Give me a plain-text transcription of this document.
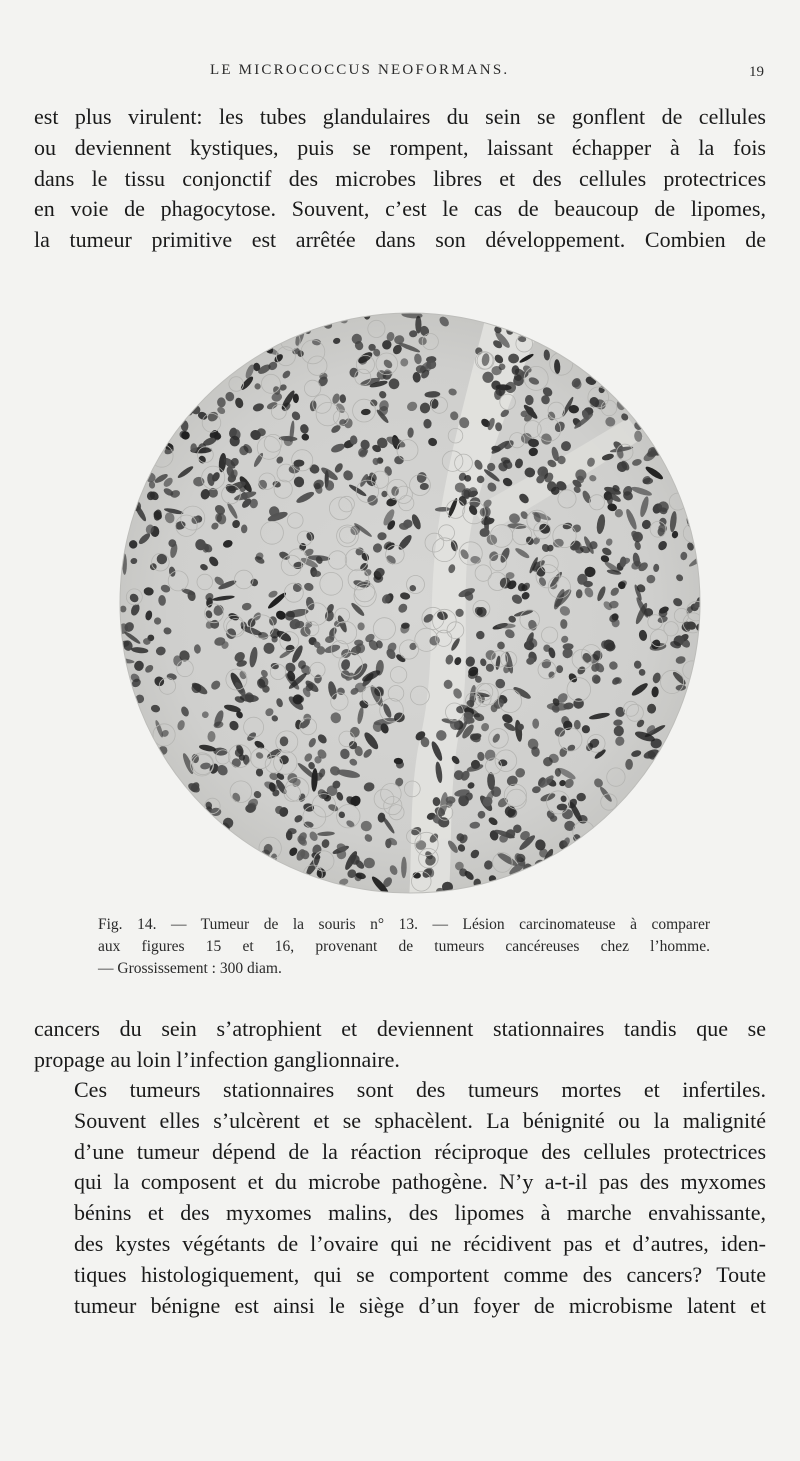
LE MICROCOCCUS NEOFORMANS.	19
est plus virulent: les tubes glandulaires du sein se gonflent de cellules
ou deviennent kystiques, puis se rompent, laissant échapper à la fois
dans le tissu conjonctif des microbes libres et des cellules protectrices
en voie de phagocytose. Souvent, c’est le cas de beaucoup de lipomes,
la tumeur primitive est arrêtée dans son développement. Combien de
Fig. 14. — Tumeur de la souris n° 13. — Lésion carcinomateuse à comparer
aux figures 15 et 16, provenant de tumeurs cancéreuses chez l’homme.
— Grossissement : 300 diam.
cancers du sein s’atrophient et deviennent stationnaires tandis que se
propage au loin l’infection ganglionnaire.
Ces tumeurs stationnaires sont des tumeurs mortes et infertiles.
Souvent elles s’ulcèrent et se sphacèlent. La bénignité ou la malignité
d’une tumeur dépend de la réaction réciproque des cellules protectrices
qui la composent et du microbe pathogène. N’y a-t-il pas des myxomes
bénins et des myxomes malins, des lipomes à marche envahissante,
des kystes végétants de l’ovaire qui ne récidivent pas et d’autres, iden-
tiques histologiquement, qui se comportent comme des cancers? Toute
tumeur bénigne est ainsi le siège d’un foyer de microbisme latent et
